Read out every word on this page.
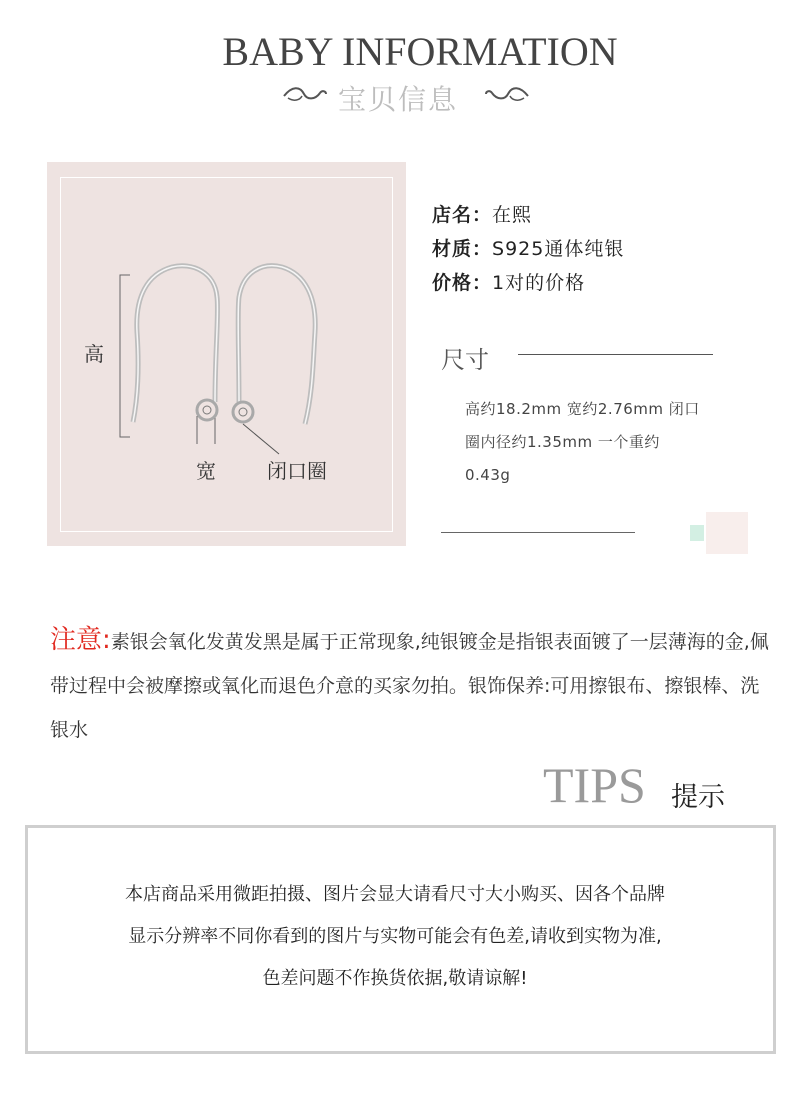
BABY INFORMATION
宝贝信息
高
宽	闭口圈
店名：在熙
材质：S925通体纯银
价格：1对的价格
尺寸
高约18.2mm 宽约2.76mm 闭口
圈内径约1.35mm 一个重约
0.43g
注意:素银会氧化发黄发黑是属于正常现象,纯银镀金是指银表面镀了一层薄海的金,佩带过程中会被摩擦或氧化而退色介意的买家勿拍。银饰保养:可用擦银布、擦银棒、洗银水
TIPS 提示
本店商品采用微距拍摄、图片会显大请看尺寸大小购买、因各个品牌
显示分辨率不同你看到的图片与实物可能会有色差,请收到实物为准,
色差问题不作换货依据,敬请谅解!
